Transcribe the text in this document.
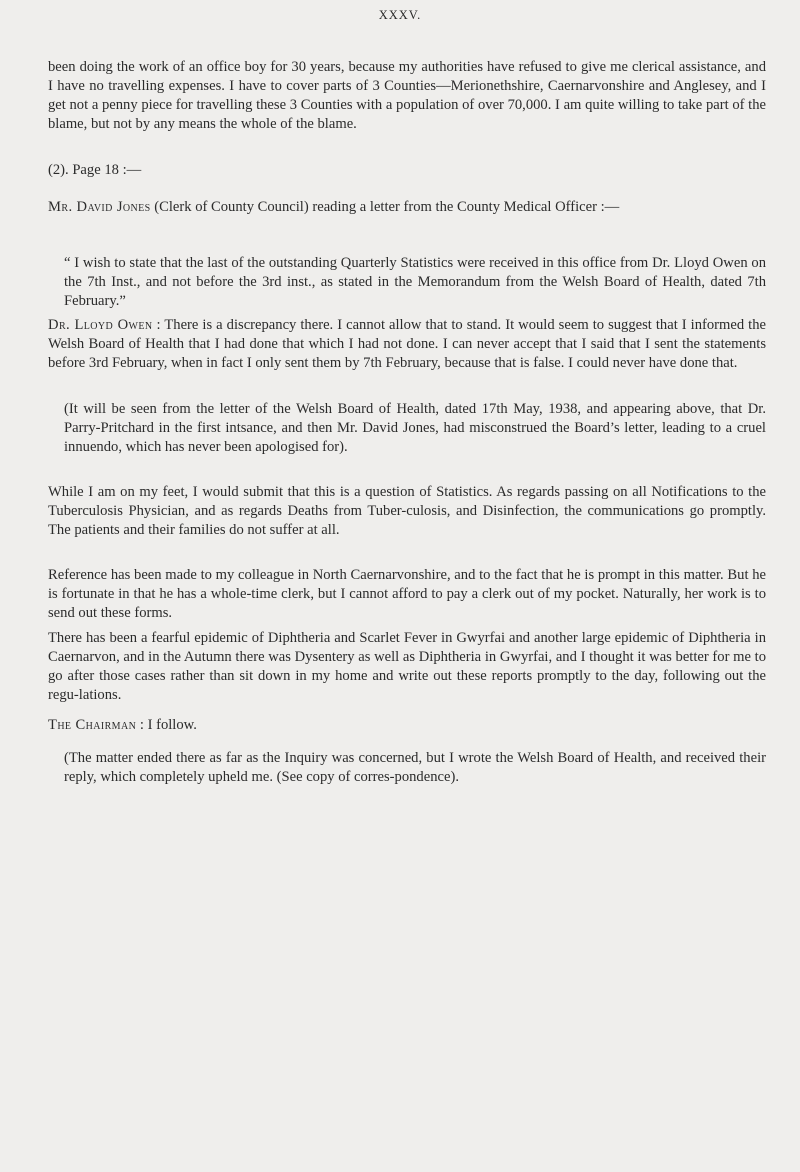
XXXV.

been doing the work of an office boy for 30 years, because my authorities have refused to give me clerical assistance, and I have no travelling expenses. I have to cover parts of 3 Counties—Merionethshire, Caernarvonshire and Anglesey, and I get not a penny piece for travelling these 3 Counties with a population of over 70,000. I am quite willing to take part of the blame, but not by any means the whole of the blame.

(2). Page 18 :—

Mr. David Jones (Clerk of County Council) reading a letter from the County Medical Officer :—

“ I wish to state that the last of the outstanding Quarterly Statistics were received in this office from Dr. Lloyd Owen on the 7th Inst., and not before the 3rd inst., as stated in the Memorandum from the Welsh Board of Health, dated 7th February.”

Dr. Lloyd Owen : There is a discrepancy there. I cannot allow that to stand. It would seem to suggest that I informed the Welsh Board of Health that I had done that which I had not done. I can never accept that I said that I sent the statements before 3rd February, when in fact I only sent them by 7th February, because that is false. I could never have done that.

(It will be seen from the letter of the Welsh Board of Health, dated 17th May, 1938, and appearing above, that Dr. Parry-Pritchard in the first intsance, and then Mr. David Jones, had misconstrued the Board’s letter, leading to a cruel innuendo, which has never been apologised for).

While I am on my feet, I would submit that this is a question of Statistics. As regards passing on all Notifications to the Tuberculosis Physician, and as regards Deaths from Tuber-culosis, and Disinfection, the communications go promptly. The patients and their families do not suffer at all.

Reference has been made to my colleague in North Caernarvonshire, and to the fact that he is prompt in this matter. But he is fortunate in that he has a whole-time clerk, but I cannot afford to pay a clerk out of my pocket. Naturally, her work is to send out these forms.

There has been a fearful epidemic of Diphtheria and Scarlet Fever in Gwyrfai and another large epidemic of Diphtheria in Caernarvon, and in the Autumn there was Dysentery as well as Diphtheria in Gwyrfai, and I thought it was better for me to go after those cases rather than sit down in my home and write out these reports promptly to the day, following out the regu-lations.

The Chairman : I follow.

(The matter ended there as far as the Inquiry was concerned, but I wrote the Welsh Board of Health, and received their reply, which completely upheld me. (See copy of corres-pondence).
